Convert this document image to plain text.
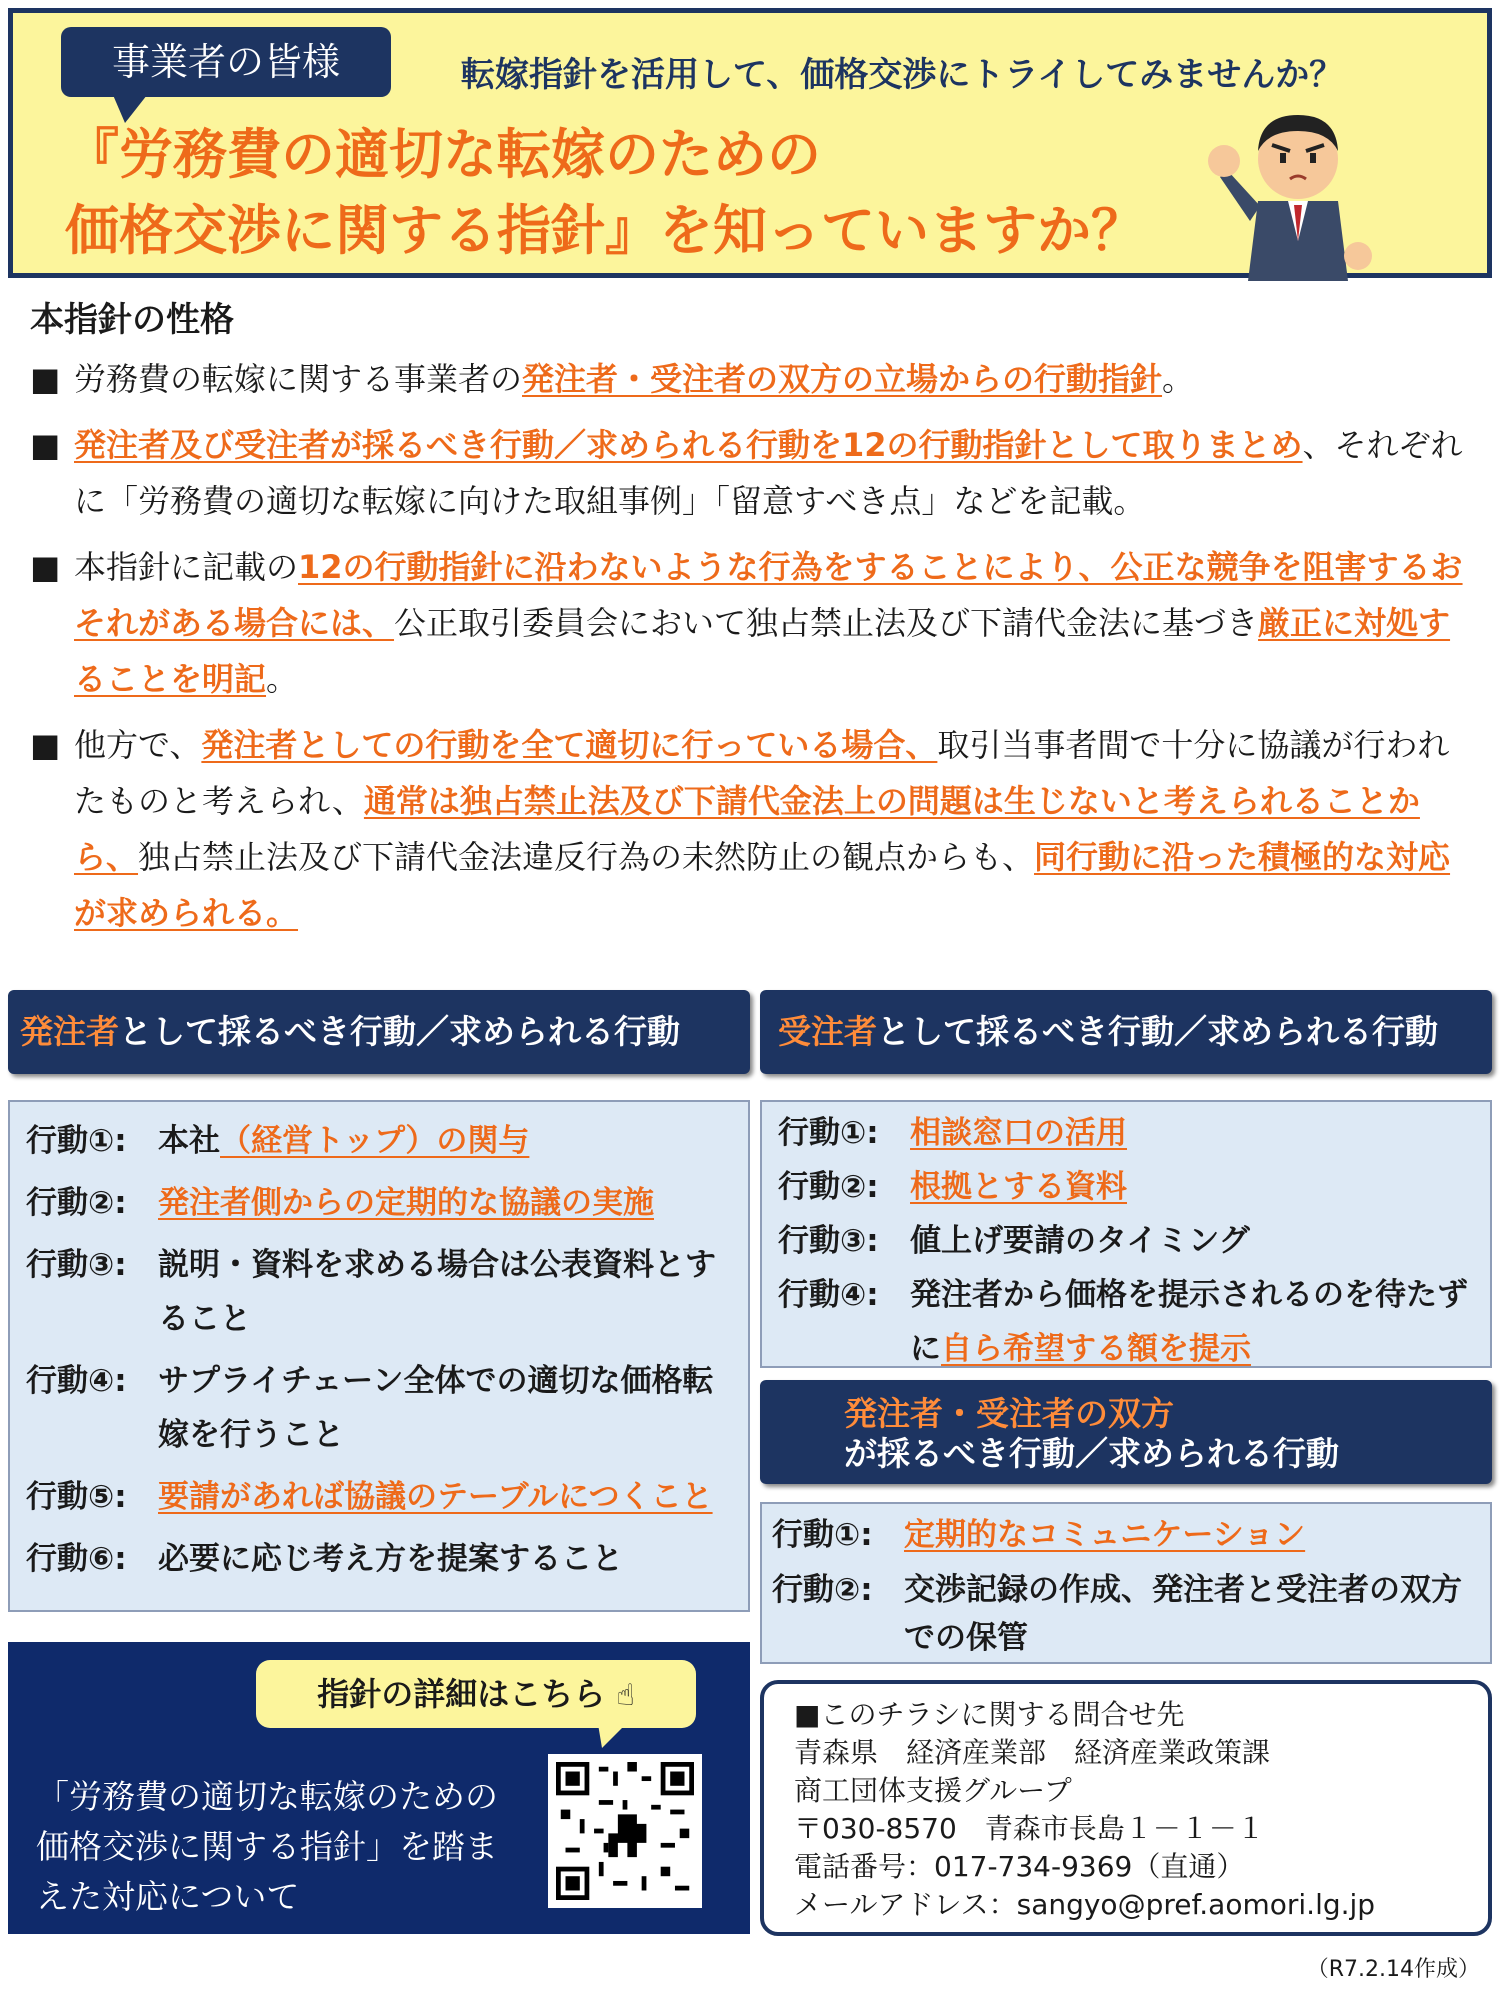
事業者の皆様	転嫁指針を活用して、価格交渉にトライしてみませんか？
『労務費の適切な転嫁のための
価格交渉に関する指針』を知っていますか？
本指針の性格
■ 労務費の転嫁に関する事業者の発注者・受注者の双方の立場からの行動指針。
■ 発注者及び受注者が採るべき行動／求められる行動を12の行動指針として取りまとめ、それぞれに「労務費の適切な転嫁に向けた取組事例」「留意すべき点」などを記載。
■ 本指針に記載の12の行動指針に沿わないような行為をすることにより、公正な競争を阻害するおそれがある場合には、公正取引委員会において独占禁止法及び下請代金法に基づき厳正に対処することを明記。
■ 他方で、発注者としての行動を全て適切に行っている場合、取引当事者間で十分に協議が行われたものと考えられ、通常は独占禁止法及び下請代金法上の問題は生じないと考えられることから、独占禁止法及び下請代金法違反行為の未然防止の観点からも、同行動に沿った積極的な対応が求められる。
発注者として採るべき行動／求められる行動
行動①: 本社（経営トップ）の関与
行動②: 発注者側からの定期的な協議の実施
行動③: 説明・資料を求める場合は公表資料とすること
行動④: サプライチェーン全体での適切な価格転嫁を行うこと
行動⑤: 要請があれば協議のテーブルにつくこと
行動⑥: 必要に応じ考え方を提案すること
受注者として採るべき行動／求められる行動
行動①: 相談窓口の活用
行動②: 根拠とする資料
行動③: 値上げ要請のタイミング
行動④: 発注者から価格を提示されるのを待たずに自ら希望する額を提示
発注者・受注者の双方
が採るべき行動／求められる行動
行動①: 定期的なコミュニケーション
行動②: 交渉記録の作成、発注者と受注者の双方での保管
指針の詳細はこちら ☝
「労務費の適切な転嫁のための価格交渉に関する指針」を踏まえた対応について
■このチラシに関する問合せ先
青森県　経済産業部　経済産業政策課
商工団体支援グループ
〒030-8570　青森市長島１－１－１
電話番号：017-734-9369（直通）
メールアドレス：sangyo@pref.aomori.lg.jp
（R7.2.14作成）
